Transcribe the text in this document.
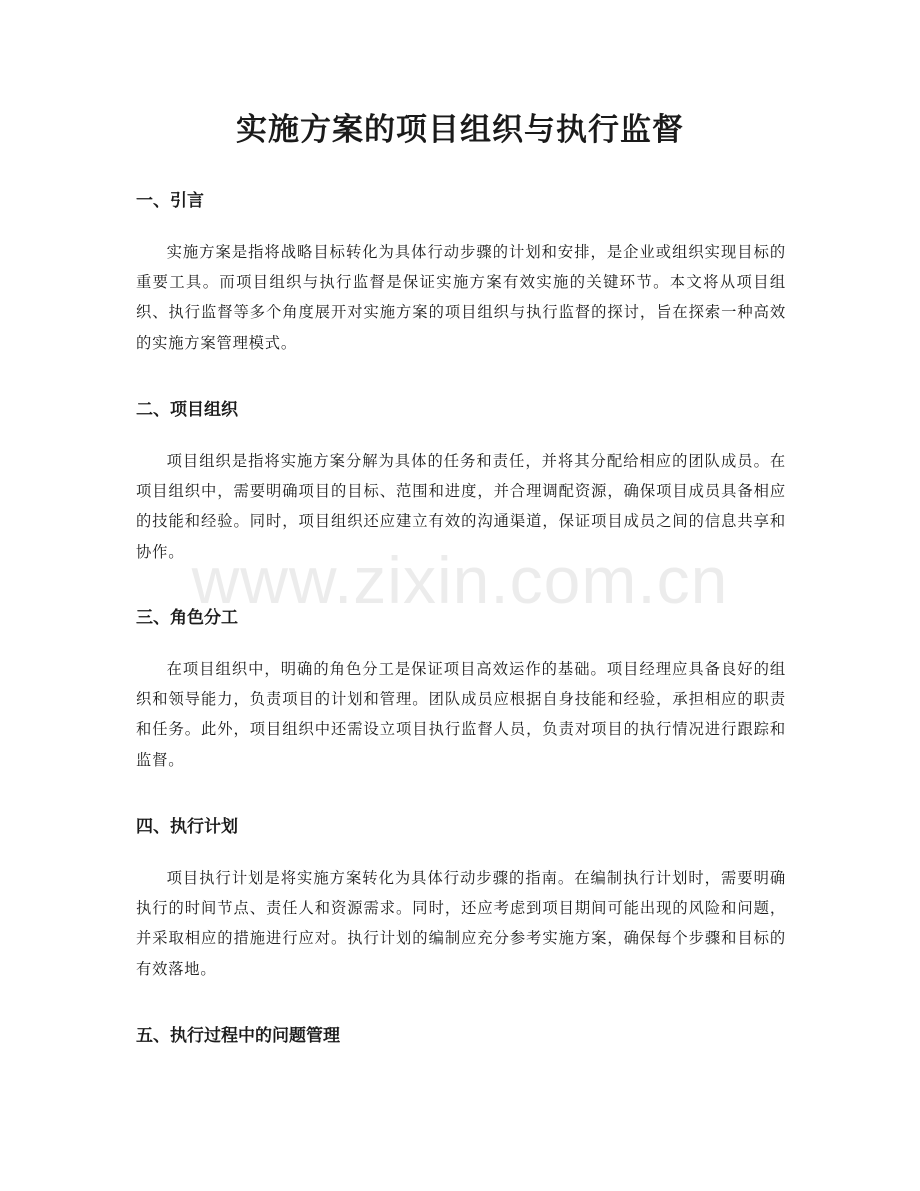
实施方案的项目组织与执行监督
一、引言

实施方案是指将战略目标转化为具体行动步骤的计划和安排，是企业或组织实现目标的重要工具。而项目组织与执行监督是保证实施方案有效实施的关键环节。本文将从项目组织、执行监督等多个角度展开对实施方案的项目组织与执行监督的探讨，旨在探索一种高效的实施方案管理模式。

二、项目组织

项目组织是指将实施方案分解为具体的任务和责任，并将其分配给相应的团队成员。在项目组织中，需要明确项目的目标、范围和进度，并合理调配资源，确保项目成员具备相应的技能和经验。同时，项目组织还应建立有效的沟通渠道，保证项目成员之间的信息共享和协作。

三、角色分工

在项目组织中，明确的角色分工是保证项目高效运作的基础。项目经理应具备良好的组织和领导能力，负责项目的计划和管理。团队成员应根据自身技能和经验，承担相应的职责和任务。此外，项目组织中还需设立项目执行监督人员，负责对项目的执行情况进行跟踪和监督。

四、执行计划

项目执行计划是将实施方案转化为具体行动步骤的指南。在编制执行计划时，需要明确执行的时间节点、责任人和资源需求。同时，还应考虑到项目期间可能出现的风险和问题，并采取相应的措施进行应对。执行计划的编制应充分参考实施方案，确保每个步骤和目标的有效落地。

五、执行过程中的问题管理
www.zixin.com.cn
